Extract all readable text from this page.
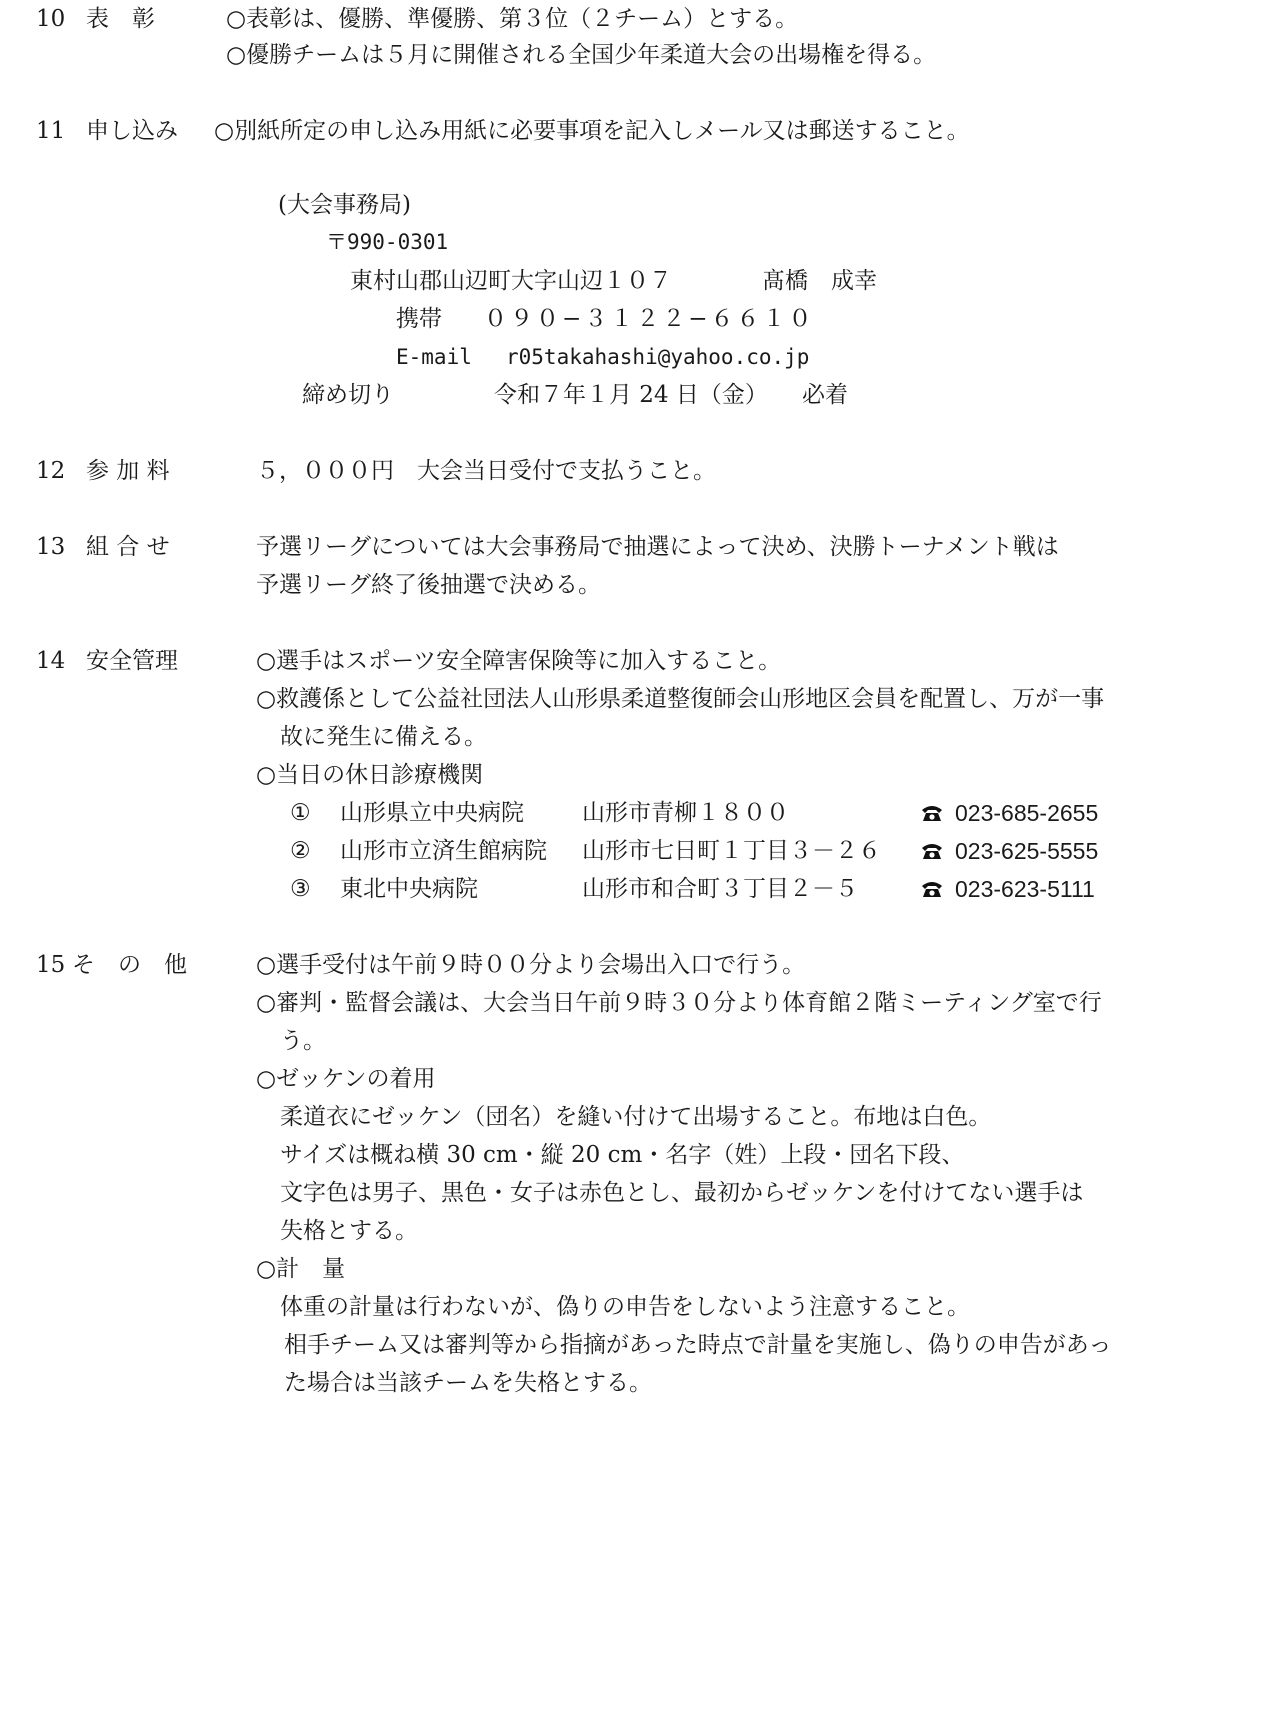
10 表　彰	○表彰は、優勝、準優勝、第３位（２チーム）とする。
○優勝チームは５月に開催される全国少年柔道大会の出場権を得る。
11 申し込み ○別紙所定の申し込み用紙に必要事項を記入しメール又は郵送すること。
(大会事務局)
〒990-0301
東村山郡山辺町大字山辺１０７	髙橋　成幸
携帯 ０９０−３１２２−６６１０
E-mail r05takahashi@yahoo.co.jp
締め切り	令和７年１月 24 日（金） 必着
12 参 加 料	５，０００円　大会当日受付で支払うこと。
13 組 合 せ	予選リーグについては大会事務局で抽選によって決め、決勝トーナメント戦は
予選リーグ終了後抽選で決める。
14 安全管理	○選手はスポーツ安全障害保険等に加入すること。
○救護係として公益社団法人山形県柔道整復師会山形地区会員を配置し、万が一事
故に発生に備える。
○当日の休日診療機関
① 山形県立中央病院	山形市青柳１８００	023-685-2655
② 山形市立済生館病院 山形市七日町１丁目３－２６	023-625-5555
③ 東北中央病院	山形市和合町３丁目２－５	023-623-5111
15 そ　の　他	○選手受付は午前９時００分より会場出入口で行う。
○審判・監督会議は、大会当日午前９時３０分より体育館２階ミーティング室で行
う。
○ゼッケンの着用
柔道衣にゼッケン（団名）を縫い付けて出場すること。布地は白色。
サイズは概ね横 30 cm・縦 20 cm・名字（姓）上段・団名下段、
文字色は男子、黒色・女子は赤色とし、最初からゼッケンを付けてない選手は
失格とする。
○計　量
体重の計量は行わないが、偽りの申告をしないよう注意すること。
相手チーム又は審判等から指摘があった時点で計量を実施し、偽りの申告があっ
た場合は当該チームを失格とする。
